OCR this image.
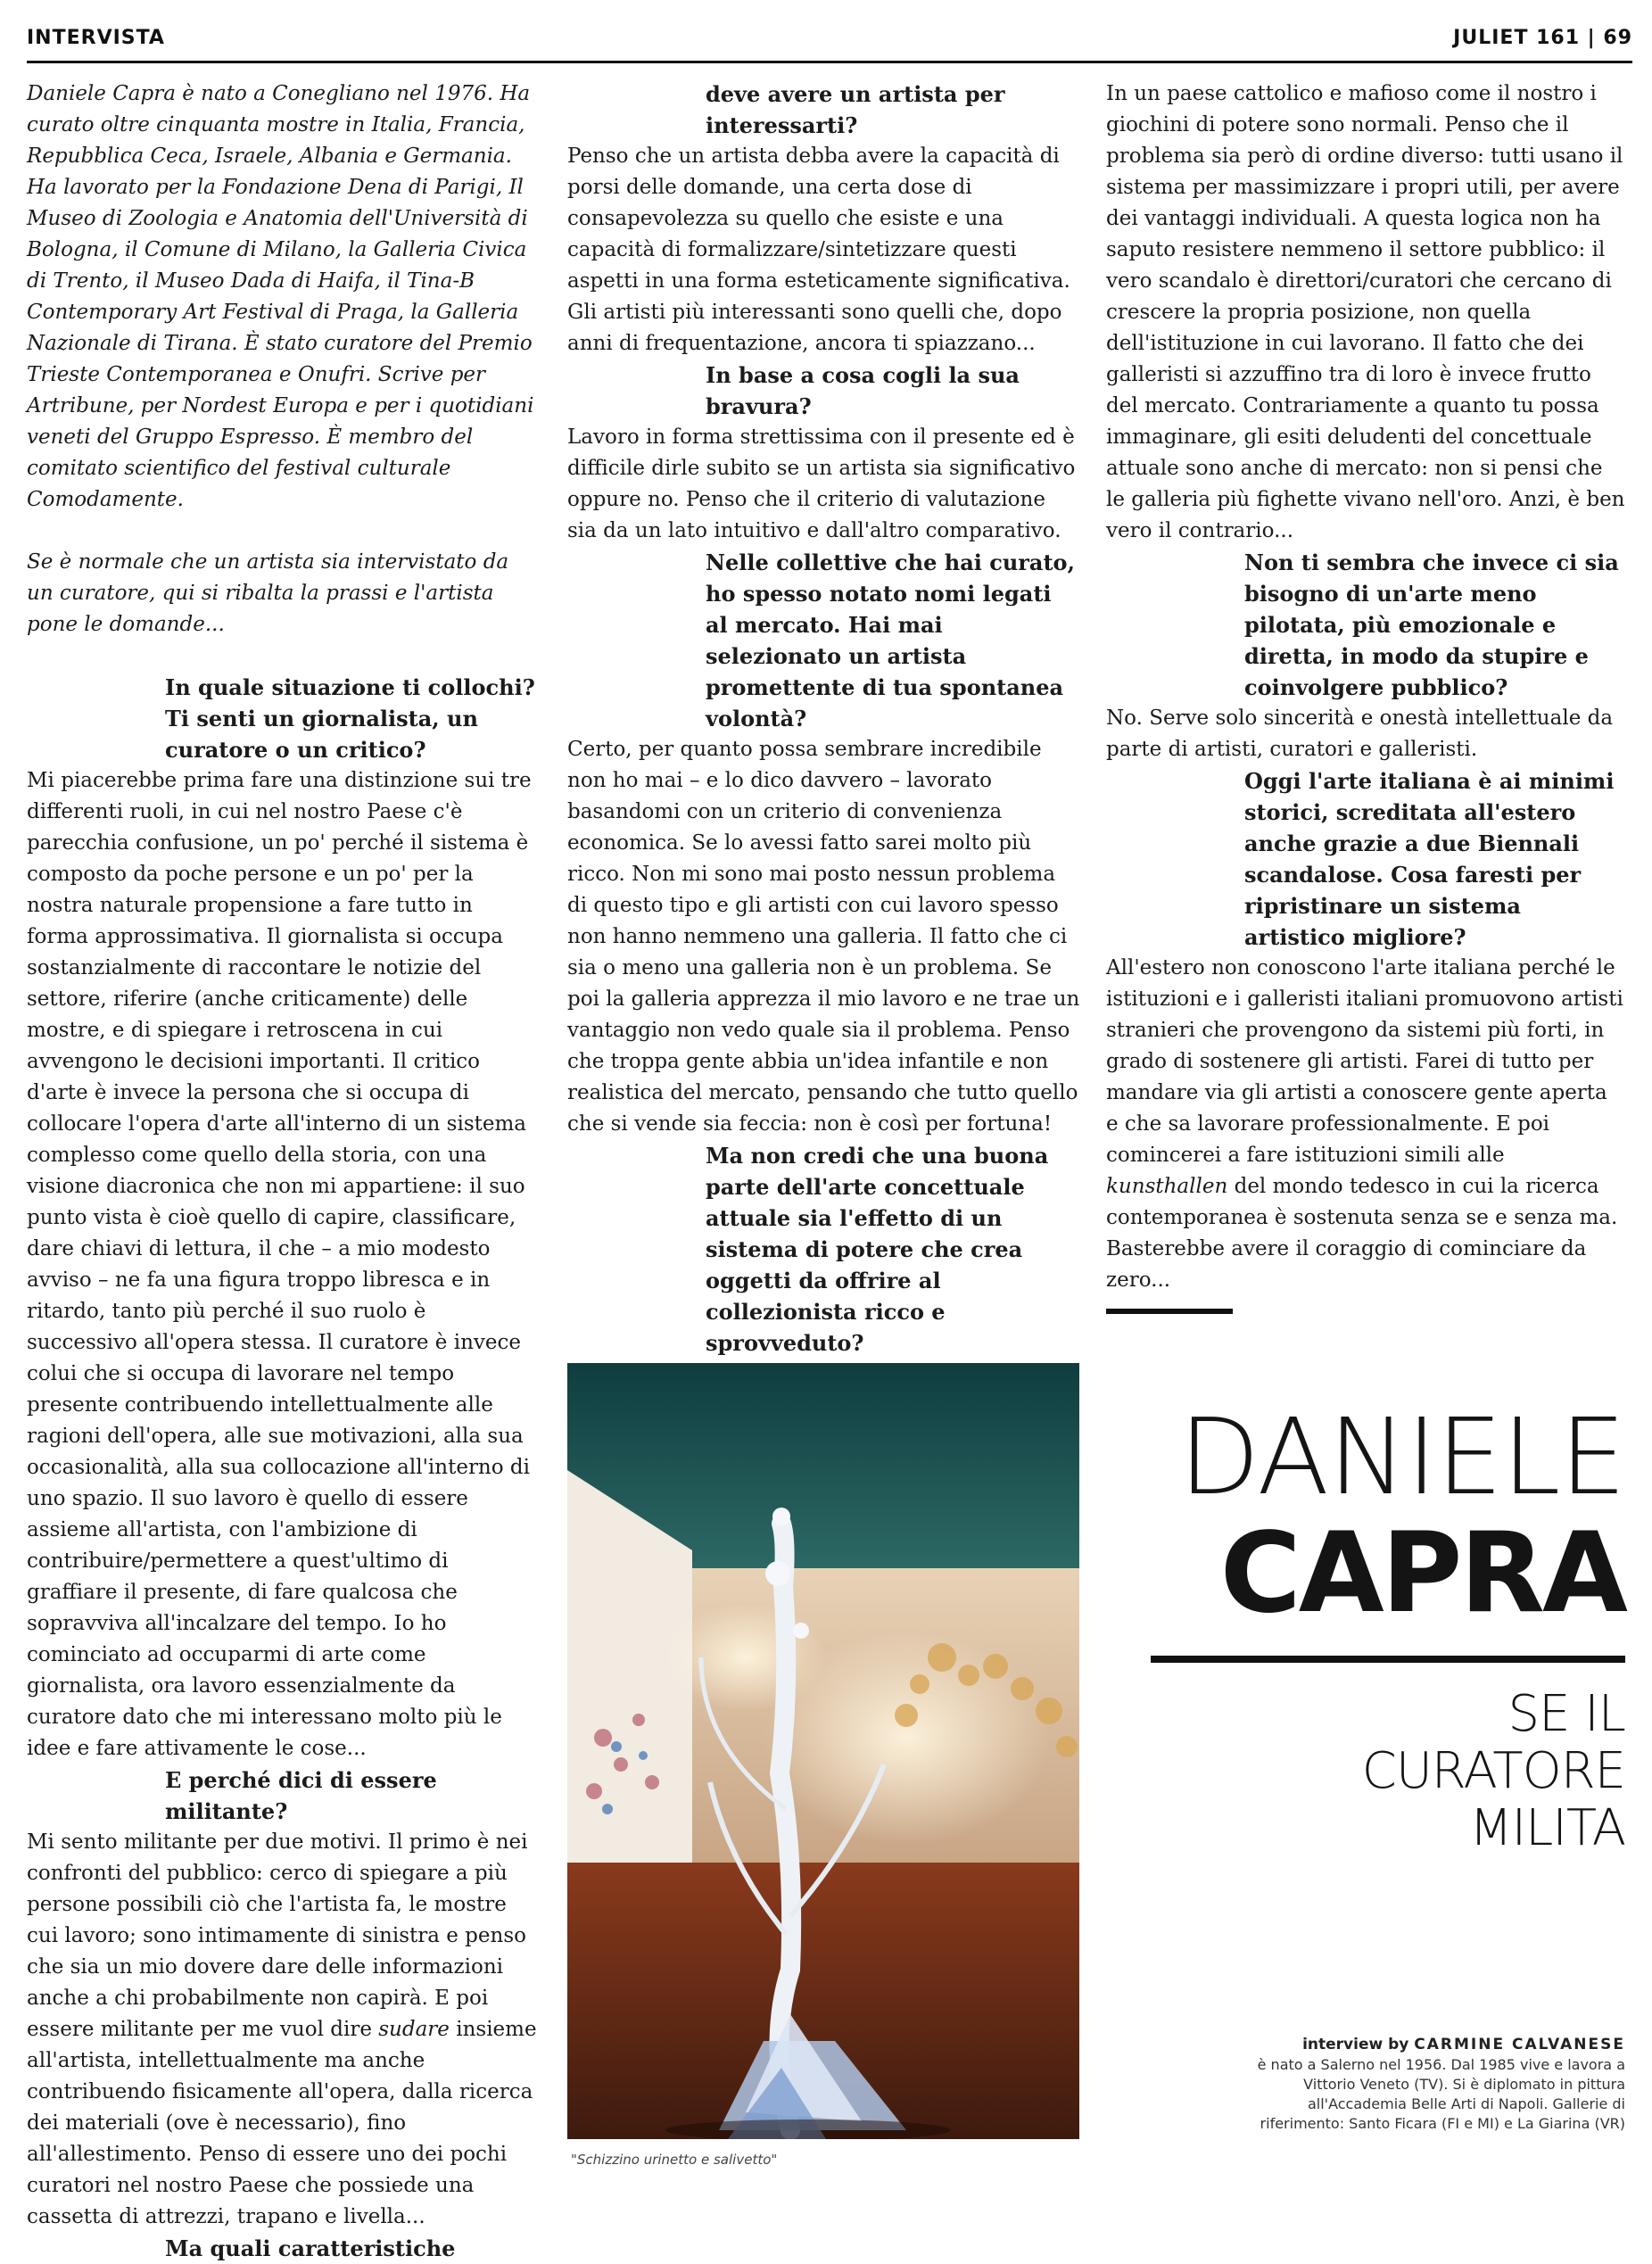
INTERVISTA	JULIET 161 | 69

Daniele Capra è nato a Conegliano nel 1976. Ha curato oltre cinquanta mostre in Italia, Francia, Repubblica Ceca, Israele, Albania e Germania. Ha lavorato per la Fondazione Dena di Parigi, Il Museo di Zoologia e Anatomia dell'Università di Bologna, il Comune di Milano, la Galleria Civica di Trento, il Museo Dada di Haifa, il Tina-B Contemporary Art Festival di Praga, la Galleria Nazionale di Tirana. È stato curatore del Premio Trieste Contemporanea e Onufri. Scrive per Artribune, per Nordest Europa e per i quotidiani veneti del Gruppo Espresso. È membro del comitato scientifico del festival culturale Comodamente.

Se è normale che un artista sia intervistato da un curatore, qui si ribalta la prassi e l'artista pone le domande...

In quale situazione ti collochi? Ti senti un giornalista, un curatore o un critico?

Mi piacerebbe prima fare una distinzione sui tre differenti ruoli, in cui nel nostro Paese c'è parecchia confusione, un po' perché il sistema è composto da poche persone e un po' per la nostra naturale propensione a fare tutto in forma approssimativa. Il giornalista si occupa sostanzialmente di raccontare le notizie del settore, riferire (anche criticamente) delle mostre, e di spiegare i retroscena in cui avvengono le decisioni importanti. Il critico d'arte è invece la persona che si occupa di collocare l'opera d'arte all'interno di un sistema complesso come quello della storia, con una visione diacronica che non mi appartiene: il suo punto vista è cioè quello di capire, classificare, dare chiavi di lettura, il che – a mio modesto avviso – ne fa una figura troppo libresca e in ritardo, tanto più perché il suo ruolo è successivo all'opera stessa. Il curatore è invece colui che si occupa di lavorare nel tempo presente contribuendo intellettualmente alle ragioni dell'opera, alle sue motivazioni, alla sua occasionalità, alla sua collocazione all'interno di uno spazio. Il suo lavoro è quello di essere assieme all'artista, con l'ambizione di contribuire/permettere a quest'ultimo di graffiare il presente, di fare qualcosa che sopravviva all'incalzare del tempo. Io ho cominciato ad occuparmi di arte come giornalista, ora lavoro essenzialmente da curatore dato che mi interessano molto più le idee e fare attivamente le cose...

E perché dici di essere militante?

Mi sento militante per due motivi. Il primo è nei confronti del pubblico: cerco di spiegare a più persone possibili ciò che l'artista fa, le mostre cui lavoro; sono intimamente di sinistra e penso che sia un mio dovere dare delle informazioni anche a chi probabilmente non capirà. E poi essere militante per me vuol dire sudare insieme all'artista, intellettualmente ma anche contribuendo fisicamente all'opera, dalla ricerca dei materiali (ove è necessario), fino all'allestimento. Penso di essere uno dei pochi curatori nel nostro Paese che possiede una cassetta di attrezzi, trapano e livella...

Ma quali caratteristiche

deve avere un artista per interessarti?

Penso che un artista debba avere la capacità di porsi delle domande, una certa dose di consapevolezza su quello che esiste e una capacità di formalizzare/sintetizzare questi aspetti in una forma esteticamente significativa. Gli artisti più interessanti sono quelli che, dopo anni di frequentazione, ancora ti spiazzano...

In base a cosa cogli la sua bravura?

Lavoro in forma strettissima con il presente ed è difficile dirle subito se un artista sia significativo oppure no. Penso che il criterio di valutazione sia da un lato intuitivo e dall'altro comparativo.

Nelle collettive che hai curato, ho spesso notato nomi legati al mercato. Hai mai selezionato un artista promettente di tua spontanea volontà?

Certo, per quanto possa sembrare incredibile non ho mai – e lo dico davvero – lavorato basandomi con un criterio di convenienza economica. Se lo avessi fatto sarei molto più ricco. Non mi sono mai posto nessun problema di questo tipo e gli artisti con cui lavoro spesso non hanno nemmeno una galleria. Il fatto che ci sia o meno una galleria non è un problema. Se poi la galleria apprezza il mio lavoro e ne trae un vantaggio non vedo quale sia il problema. Penso che troppa gente abbia un'idea infantile e non realistica del mercato, pensando che tutto quello che si vende sia feccia: non è così per fortuna!

Ma non credi che una buona parte dell'arte concettuale attuale sia l'effetto di un sistema di potere che crea oggetti da offrire al collezionista ricco e sprovveduto?

"Schizzino urinetto e salivetto"

In un paese cattolico e mafioso come il nostro i giochini di potere sono normali. Penso che il problema sia però di ordine diverso: tutti usano il sistema per massimizzare i propri utili, per avere dei vantaggi individuali. A questa logica non ha saputo resistere nemmeno il settore pubblico: il vero scandalo è direttori/curatori che cercano di crescere la propria posizione, non quella dell'istituzione in cui lavorano. Il fatto che dei galleristi si azzuffino tra di loro è invece frutto del mercato. Contrariamente a quanto tu possa immaginare, gli esiti deludenti del concettuale attuale sono anche di mercato: non si pensi che le galleria più fighette vivano nell'oro. Anzi, è ben vero il contrario...

Non ti sembra che invece ci sia bisogno di un'arte meno pilotata, più emozionale e diretta, in modo da stupire e coinvolgere pubblico?

No. Serve solo sincerità e onestà intellettuale da parte di artisti, curatori e galleristi.

Oggi l'arte italiana è ai minimi storici, screditata all'estero anche grazie a due Biennali scandalose. Cosa faresti per ripristinare un sistema artistico migliore?

All'estero non conoscono l'arte italiana perché le istituzioni e i galleristi italiani promuovono artisti stranieri che provengono da sistemi più forti, in grado di sostenere gli artisti. Farei di tutto per mandare via gli artisti a conoscere gente aperta e che sa lavorare professionalmente. E poi comincerei a fare istituzioni simili alle kunsthallen del mondo tedesco in cui la ricerca contemporanea è sostenuta senza se e senza ma. Basterebbe avere il coraggio di cominciare da zero...

DANIELE
CAPRA
SE IL
CURATORE
MILITA
interview by CARMINE CALVANESE
è nato a Salerno nel 1956. Dal 1985 vive e lavora a Vittorio Veneto (TV). Si è diplomato in pittura all'Accademia Belle Arti di Napoli. Gallerie di riferimento: Santo Ficara (FI e MI) e La Giarina (VR)
